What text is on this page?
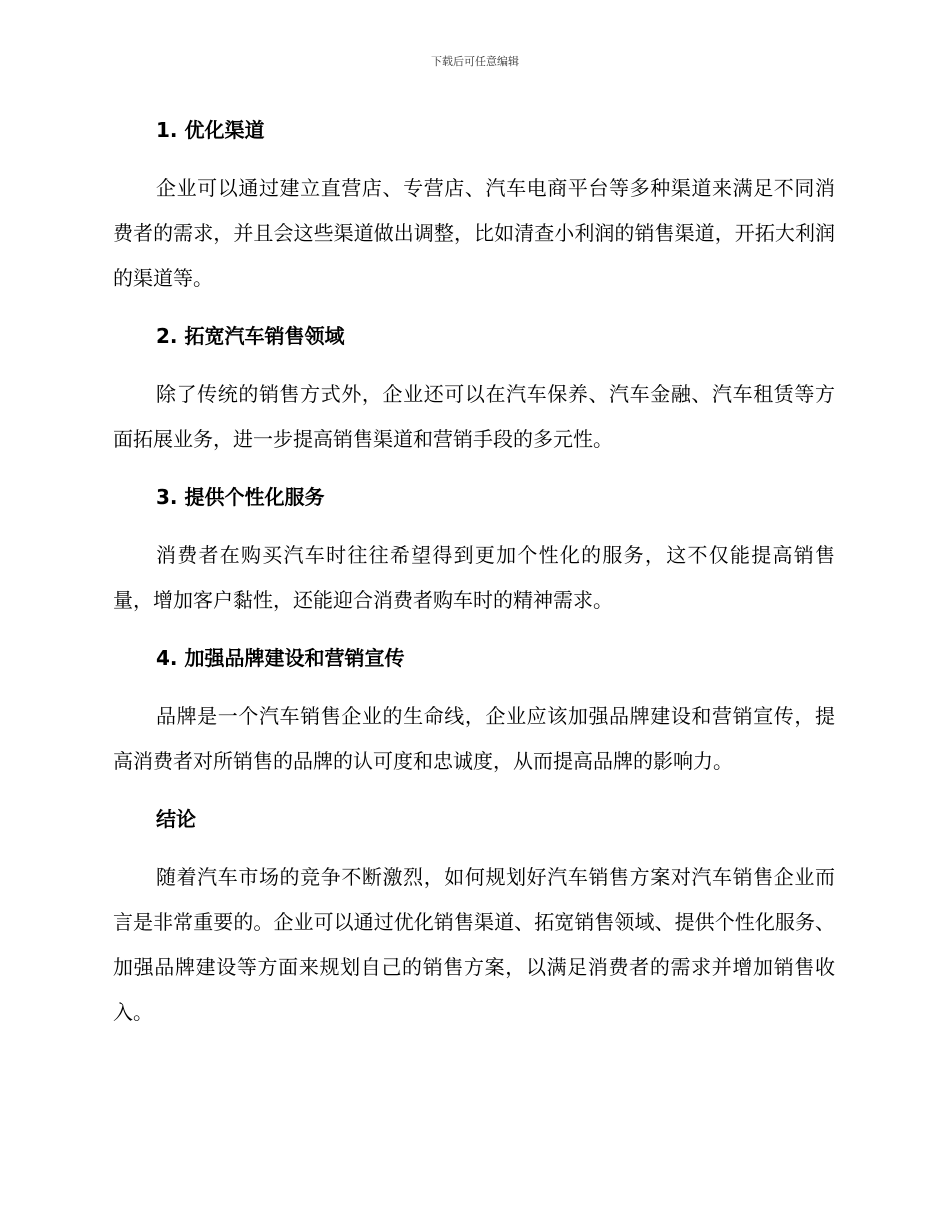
下载后可任意编辑
1. 优化渠道

企业可以通过建立直营店、专营店、汽车电商平台等多种渠道来满足不同消费者的需求，并且会这些渠道做出调整，比如清查小利润的销售渠道，开拓大利润的渠道等。

2. 拓宽汽车销售领域

除了传统的销售方式外，企业还可以在汽车保养、汽车金融、汽车租赁等方面拓展业务，进一步提高销售渠道和营销手段的多元性。

3. 提供个性化服务

消费者在购买汽车时往往希望得到更加个性化的服务，这不仅能提高销售量，增加客户黏性，还能迎合消费者购车时的精神需求。

4. 加强品牌建设和营销宣传

品牌是一个汽车销售企业的生命线，企业应该加强品牌建设和营销宣传，提高消费者对所销售的品牌的认可度和忠诚度，从而提高品牌的影响力。

结论

随着汽车市场的竞争不断激烈，如何规划好汽车销售方案对汽车销售企业而言是非常重要的。企业可以通过优化销售渠道、拓宽销售领域、提供个性化服务、加强品牌建设等方面来规划自己的销售方案，以满足消费者的需求并增加销售收入。
